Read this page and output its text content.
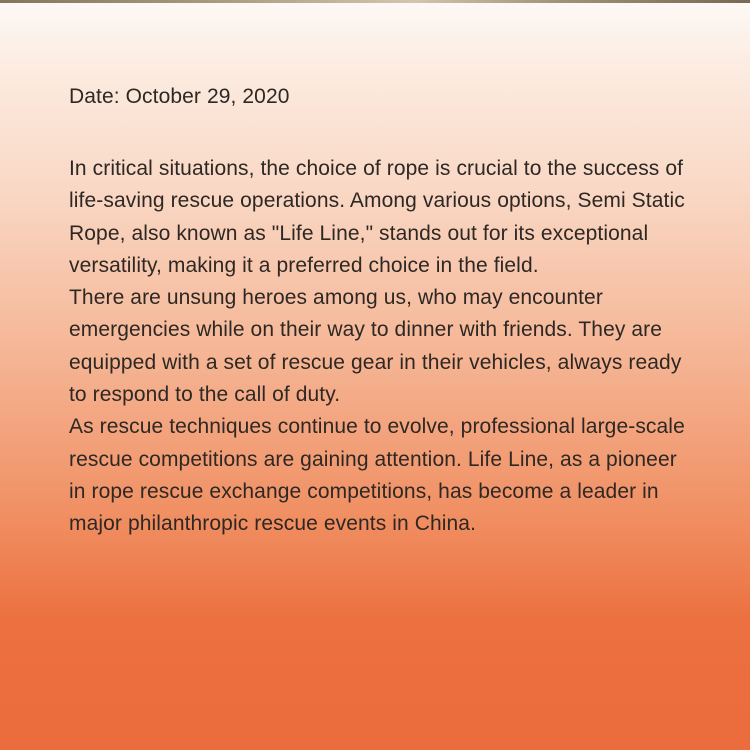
Date: October 29, 2020

In critical situations, the choice of rope is crucial to the success of life-saving rescue operations. Among various options, Semi Static Rope, also known as "Life Line," stands out for its exceptional versatility, making it a preferred choice in the field.

There are unsung heroes among us, who may encounter emergencies while on their way to dinner with friends. They are equipped with a set of rescue gear in their vehicles, always ready to respond to the call of duty.

As rescue techniques continue to evolve, professional large-scale rescue competitions are gaining attention. Life Line, as a pioneer in rope rescue exchange competitions, has become a leader in major philanthropic rescue events in China.
